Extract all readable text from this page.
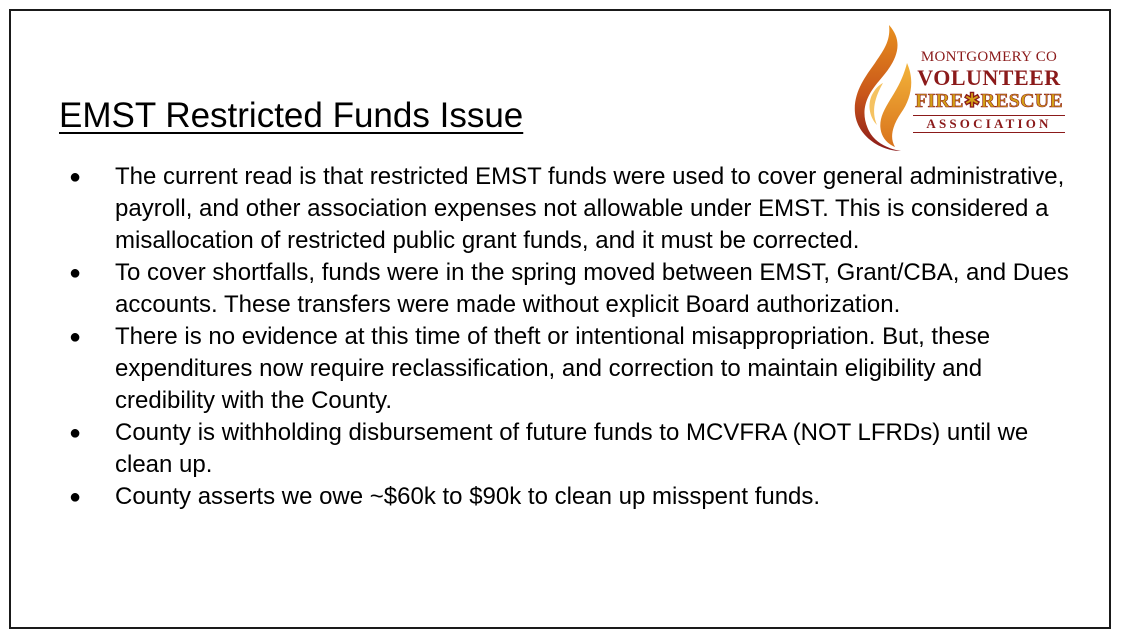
EMST Restricted Funds Issue
MONTGOMERY CO
VOLUNTEER
FIRE✱RESCUE
ASSOCIATION
● The current read is that restricted EMST funds were used to cover general administrative, payroll, and other association expenses not allowable under EMST. This is considered a misallocation of restricted public grant funds, and it must be corrected.
● To cover shortfalls, funds were in the spring moved between EMST, Grant/CBA, and Dues accounts. These transfers were made without explicit Board authorization.
● There is no evidence at this time of theft or intentional misappropriation. But, these expenditures now require reclassification, and correction to maintain eligibility and credibility with the County.
● County is withholding disbursement of future funds to MCVFRA (NOT LFRDs) until we clean up.
● County asserts we owe ~$60k to $90k to clean up misspent funds.
